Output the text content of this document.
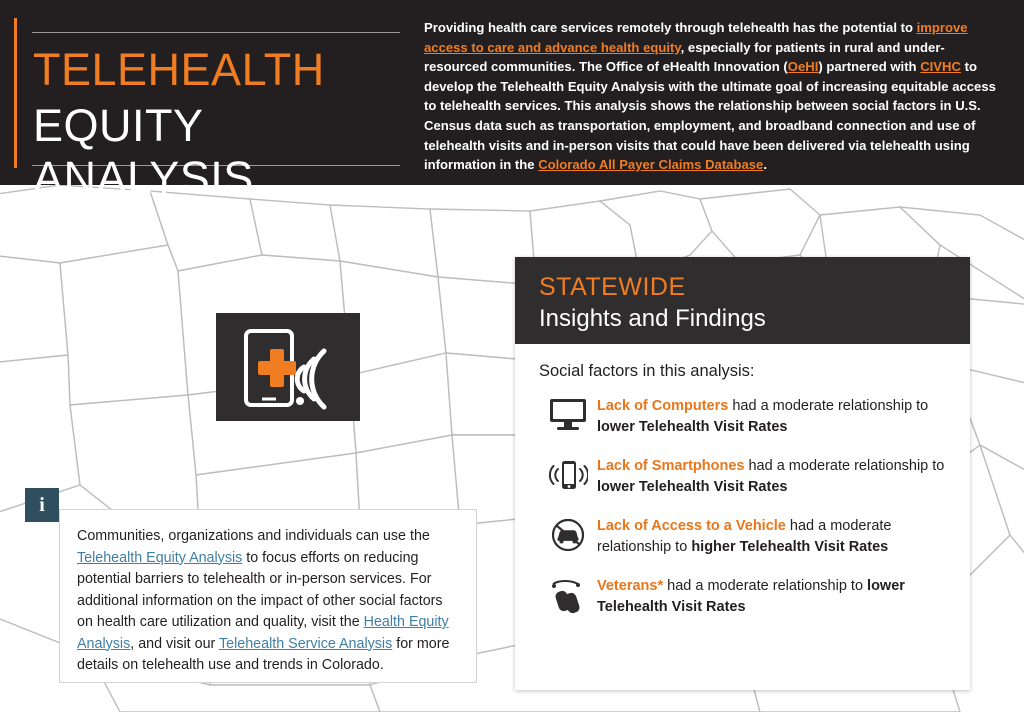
TELEHEALTH
EQUITY ANALYSIS
Providing health care services remotely through telehealth has the potential to improve access to care and advance health equity, especially for patients in rural and under-resourced communities. The Office of eHealth Innovation (OeHI) partnered with CIVHC to develop the Telehealth Equity Analysis with the ultimate goal of increasing equitable access to telehealth services. This analysis shows the relationship between social factors in U.S. Census data such as transportation, employment, and broadband connection and use of telehealth visits and in-person visits that could have been delivered via telehealth using information in the Colorado All Payer Claims Database.
STATEWIDE
Insights and Findings
Social factors in this analysis:
Lack of Computers had a moderate relationship to lower Telehealth Visit Rates
Lack of Smartphones had a moderate relationship to lower Telehealth Visit Rates
Lack of Access to a Vehicle had a moderate relationship to higher Telehealth Visit Rates
Veterans* had a moderate relationship to lower Telehealth Visit Rates
i

Communities, organizations and individuals can use the Telehealth Equity Analysis to focus efforts on reducing potential barriers to telehealth or in-person services. For additional information on the impact of other social factors on health care utilization and quality, visit the Health Equity Analysis, and visit our Telehealth Service Analysis for more details on telehealth use and trends in Colorado.
